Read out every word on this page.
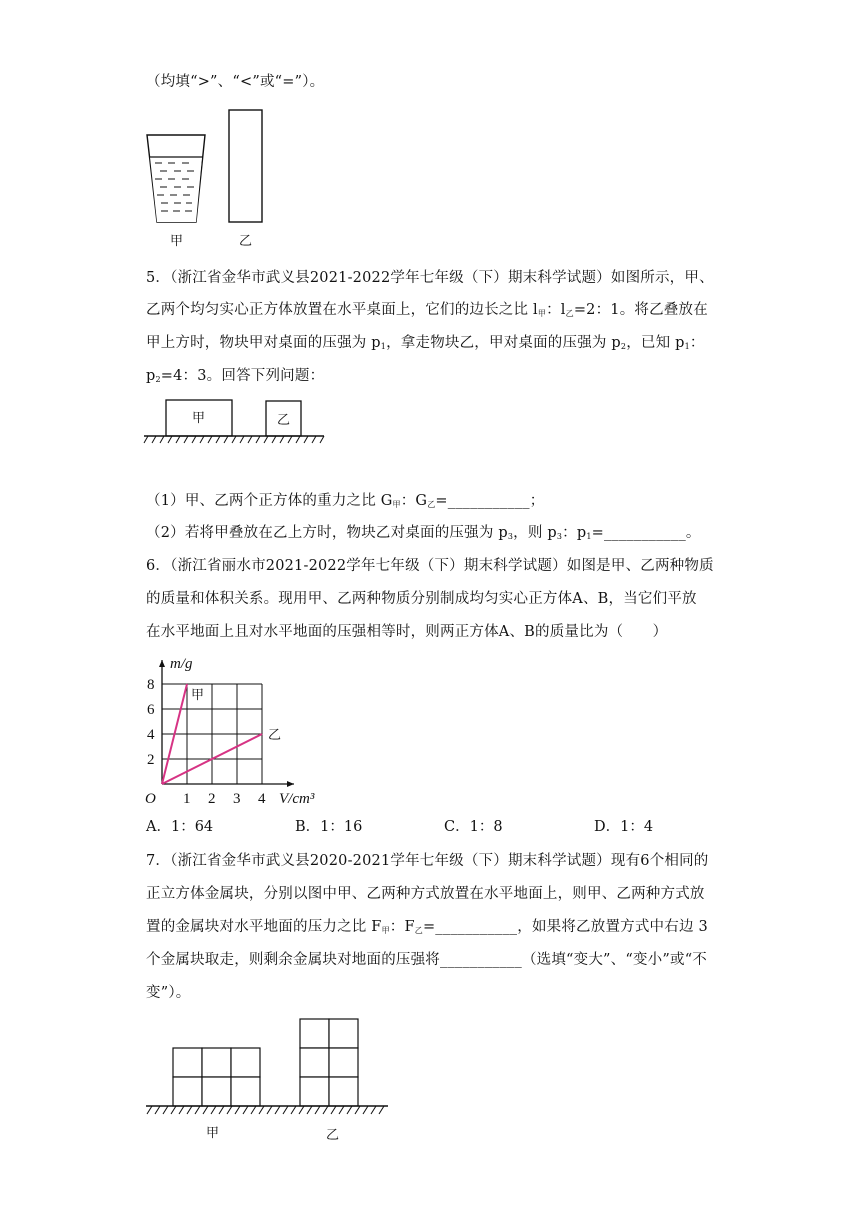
（均填“>”、“<”或“=”）。
甲	乙
5．（浙江省金华市武义县2021-2022学年七年级（下）期末科学试题）如图所示，甲、
乙两个均匀实心正方体放置在水平桌面上，它们的边长之比 $l_甲$：$l_乙=2$：1。将乙叠放在
甲上方时，物块甲对桌面的压强为 $p_1$，拿走物块乙，甲对桌面的压强为 $p_2$，已知 $p_1$：
$p_2=4$：3。回答下列问题：
甲	乙
（1）甲、乙两个正方体的重力之比 $G_甲$：$G_乙=\_\_\_\_\_\_\_\_\_\_\_$；
（2）若将甲叠放在乙上方时，物块乙对桌面的压强为 $p_3$，则 $p_3$：$p_1=\_\_\_\_\_\_\_\_\_\_\_$。
6．（浙江省丽水市2021-2022学年七年级（下）期末科学试题）如图是甲、乙两种物质
的质量和体积关系。现用甲、乙两种物质分别制成均匀实心正方体A、B，当它们平放
在水平地面上且对水平地面的压强相等时，则两正方体A、B的质量比为（　　）
1 2 3 4
2
4
6
8
m/g
V/cm³
O
甲
乙
A．1：64	B．1：16	C．1：8	D．1：4
7．（浙江省金华市武义县2020-2021学年七年级（下）期末科学试题）现有6个相同的
正立方体金属块，分别以图中甲、乙两种方式放置在水平地面上，则甲、乙两种方式放
置的金属块对水平地面的压力之比 $F_甲$：$F_乙=\_\_\_\_\_\_\_\_\_\_\_$，如果将乙放置方式中右边 3
个金属块取走，则剩余金属块对地面的压强将___________（选填“变大”、“变小”或“不
变”）。
甲	乙
